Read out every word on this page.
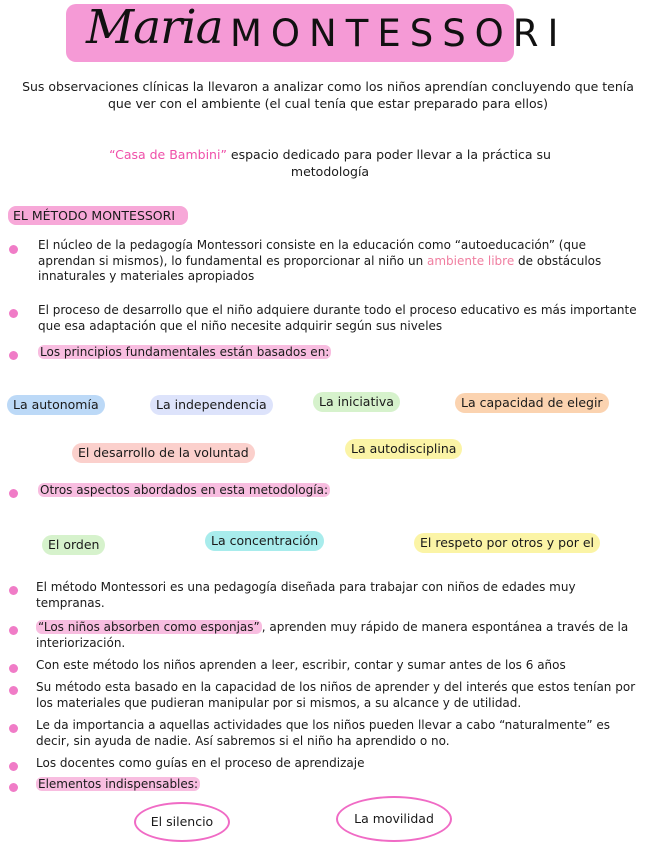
Maria MONTESSORI
Sus observaciones clínicas la llevaron a analizar como los niños aprendían concluyendo que tenía que ver con el ambiente (el cual tenía que estar preparado para ellos)
“Casa de Bambini” espacio dedicado para poder llevar a la práctica su metodología
EL MÉTODO MONTESSORI
El núcleo de la pedagogía Montessori consiste en la educación como “autoeducación” (que aprendan si mismos), lo fundamental es proporcionar al niño un ambiente libre de obstáculos innaturales y materiales apropiados
El proceso de desarrollo que el niño adquiere durante todo el proceso educativo es más importante que esa adaptación que el niño necesite adquirir según sus niveles
Los principios fundamentales están basados en:
La autonomía	La independencia	La iniciativa	La capacidad de elegir
El desarrollo de la voluntad	La autodisciplina
Otros aspectos abordados en esta metodología:
El orden	La concentración	El respeto por otros y por el
El método Montessori es una pedagogía diseñada para trabajar con niños de edades muy tempranas.
“Los niños absorben como esponjas” , aprenden muy rápido de manera espontánea a través de la interiorización.
Con este método los niños aprenden a leer, escribir, contar y sumar antes de los 6 años
Su método esta basado en la capacidad de los niños de aprender y del interés que estos tenían por los materiales que pudieran manipular por si mismos, a su alcance y de utilidad.
Le da importancia a aquellas actividades que los niños pueden llevar a cabo “naturalmente” es decir, sin ayuda de nadie. Así sabremos si el niño ha aprendido o no.
Los docentes como guías en el proceso de aprendizaje
Elementos indispensables:
El silencio	La movilidad
